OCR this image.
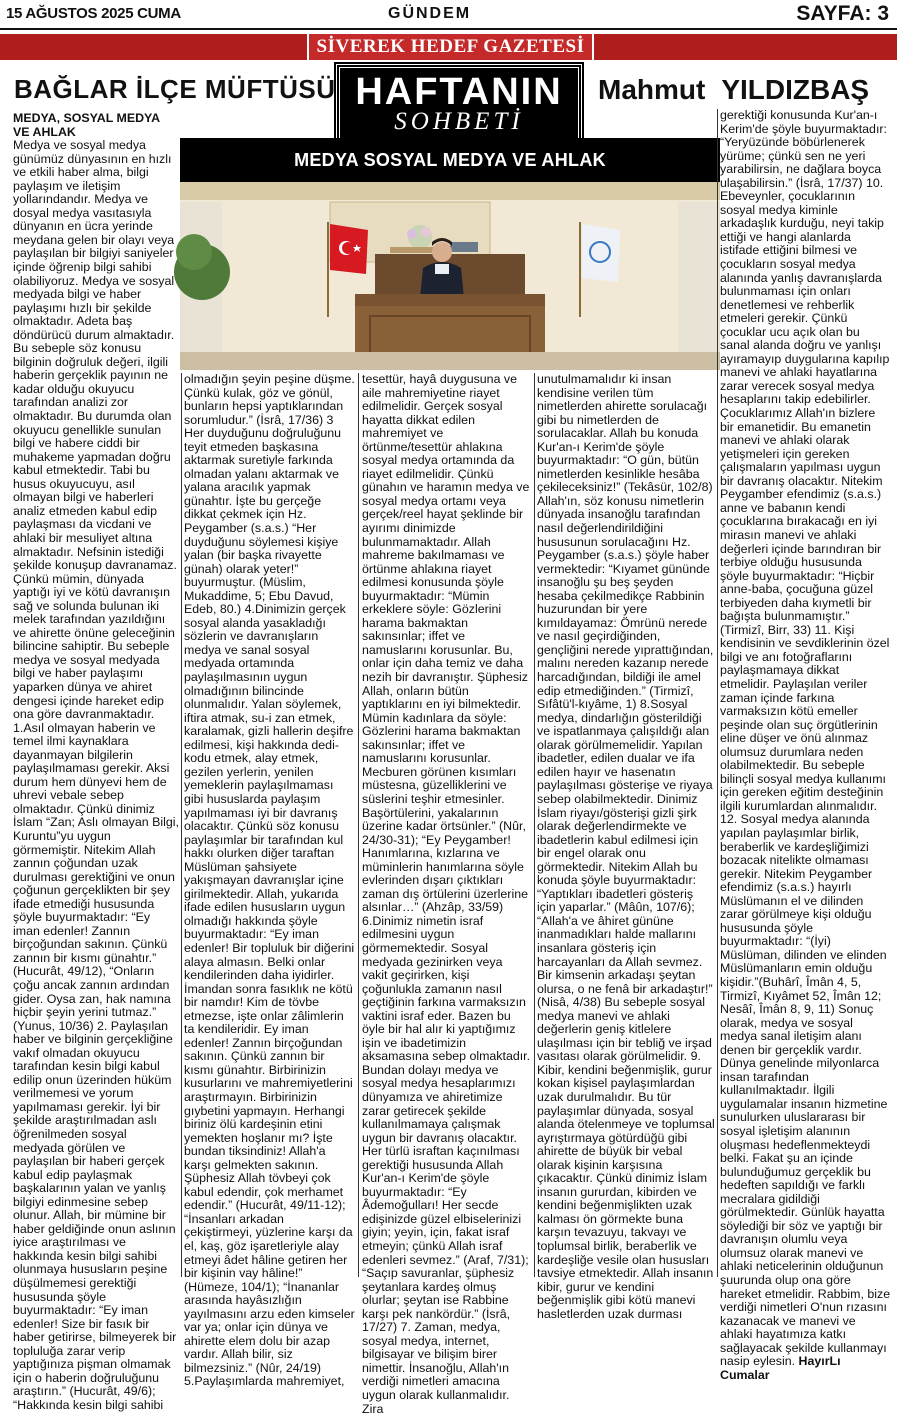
15 AĞUSTOS 2025 CUMA	GÜNDEM	SAYFA: 3
SİVEREK HEDEF GAZETESİ
BAĞLAR İLÇE MÜFTÜSÜ	Mahmut YILDIZBAŞ
HAFTANIN
SOHBETİ
MEDYA SOSYAL MEDYA VE AHLAK

MEDYA, SOSYAL MEDYA VE AHLAK

Medya ve sosyal medya günümüz dünyasının en hızlı ve etkili haber alma, bilgi paylaşım ve iletişim yollarındandır. Medya ve dosyal medya vasıtasıyla dünyanın en ücra yerinde meydana gelen bir olayı veya paylaşılan bir bilgiyi saniyeler içinde öğrenip bilgi sahibi olabiliyoruz. Medya ve sosyal medyada bilgi ve haber paylaşımı hızlı bir şekilde olmaktadır. Adeta baş döndürücü durum almaktadır. Bu sebeple söz konusu bilginin doğruluk değeri, ilgili haberin gerçeklik payının ne kadar olduğu okuyucu tarafından analizi zor olmaktadır. Bu durumda olan okuyucu genellikle sunulan bilgi ve habere ciddi bir muhakeme yapmadan doğru kabul etmektedir. Tabi bu husus okuyucuyu, asıl olmayan bilgi ve haberleri analiz etmeden kabul edip paylaşması da vicdani ve ahlaki bir mesuliyet altına almaktadır. Nefsinin istediği şekilde konuşup davranamaz. Çünkü mümin, dünyada yaptığı iyi ve kötü davranışın sağ ve solunda bulunan iki melek tarafından yazıldığını ve ahirette önüne geleceğinin bilincine sahiptir. Bu sebeple medya ve sosyal medyada bilgi ve haber paylaşımı yaparken dünya ve ahiret dengesi içinde hareket edip ona göre davranmaktadır. 1.Asıl olmayan haberin ve temel ilmi kaynaklara dayanmayan bilgilerin paylaşılmaması gerekir. Aksi durum hem dünyevi hem de uhrevi vebale sebep olmaktadır. Çünkü dinimiz İslam “Zan; Aslı olmayan Bilgi, Kuruntu”yu uygun görmemiştir. Nitekim Allah zannın çoğundan uzak durulması gerektiğini ve onun çoğunun gerçeklikten bir şey ifade etmediği hususunda şöyle buyurmaktadır: “Ey iman edenler! Zannın birçoğundan sakının. Çünkü zannın bir kısmı günahtır.” (Hucurât, 49/12), “Onların çoğu ancak zannın ardından gider. Oysa zan, hak namına hiçbir şeyin yerini tutmaz.” (Yunus, 10/36) 2. Paylaşılan haber ve bilginin gerçekliğine vakıf olmadan okuyucu tarafından kesin bilgi kabul edilip onun üzerinden hüküm verilmemesi ve yorum yapılmaması gerekir. İyi bir şekilde araştırılmadan aslı öğrenilmeden sosyal medyada görülen ve paylaşılan bir haberi gerçek kabul edip paylaşmak başkalarının yalan ve yanlış bilgiyi edinmesine sebep olunur. Allah, bir mümine bir haber geldiğinde onun aslının iyice araştırılması ve hakkında kesin bilgi sahibi olunmaya hususların peşine düşülmemesi gerektiği hususunda şöyle buyurmaktadır: “Ey iman edenler! Size bir fasık bir haber getirirse, bilmeyerek bir topluluğa zarar verip yaptığınıza pişman olmamak için o haberin doğruluğunu araştırın.” (Hucurât, 49/6); “Hakkında kesin bilgi sahibi

olmadığın şeyin peşine düşme. Çünkü kulak, göz ve gönül, bunların hepsi yaptıklarından sorumludur.” (İsrâ, 17/36) 3 Her duyduğunu doğruluğunu teyit etmeden başkasına aktarmak suretiyle farkında olmadan yalanı aktarmak ve yalana aracılık yapmak günahtır. İşte bu gerçeğe dikkat çekmek için Hz. Peygamber (s.a.s.) “Her duyduğunu söylemesi kişiye yalan (bir başka rivayette günah) olarak yeter!” buyurmuştur. (Müslim, Mukaddime, 5; Ebu Davud, Edeb, 80.) 4.Dinimizin gerçek sosyal alanda yasakladığı sözlerin ve davranışların medya ve sanal sosyal medyada ortamında paylaşılmasının uygun olmadığının bilincinde olunmalıdır. Yalan söylemek, iftira atmak, su-i zan etmek, karalamak, gizli hallerin deşifre edilmesi, kişi hakkında dedi-kodu etmek, alay etmek, gezilen yerlerin, yenilen yemeklerin paylaşılmaması gibi hususlarda paylaşım yapılmaması iyi bir davranış olacaktır. Çünkü söz konusu paylaşımlar bir tarafından kul hakkı olurken diğer taraftan Müslüman şahsiyete yakışmayan davranışlar içine girilmektedir. Allah, yukarıda ifade edilen hususların uygun olmadığı hakkında şöyle buyurmaktadır: “Ey iman edenler! Bir topluluk bir diğerini alaya almasın. Belki onlar kendilerinden daha iyidirler. İmandan sonra fasıklık ne kötü bir namdır! Kim de tövbe etmezse, işte onlar zâlimlerin ta kendileridir. Ey iman edenler! Zannın birçoğundan sakının. Çünkü zannın bir kısmı günahtır. Birbirinizin kusurlarını ve mahremiyetlerini araştırmayın. Birbirinizin gıybetini yapmayın. Herhangi biriniz ölü kardeşinin etini yemekten hoşlanır mı? İşte bundan tiksindiniz! Allah'a karşı gelmekten sakının. Şüphesiz Allah tövbeyi çok kabul edendir, çok merhamet edendir.” (Hucurât, 49/11-12); “İnsanları arkadan çekiştirmeyi, yüzlerine karşı da el, kaş, göz işaretleriyle alay etmeyi âdet hâline getiren her bir kişinin vay hâline!” (Hümeze, 104/1); “İnananlar arasında hayâsızlığın yayılmasını arzu eden kimseler var ya; onlar için dünya ve ahirette elem dolu bir azap vardır. Allah bilir, siz bilmezsiniz.” (Nûr, 24/19) 5.Paylaşımlarda mahremiyet,

tesettür, hayâ duygusuna ve aile mahremiyetine riayet edilmelidir. Gerçek sosyal hayatta dikkat edilen mahremiyet ve örtünme/tesettür ahlakına sosyal medya ortamında da riayet edilmelidir. Çünkü günahın ve haramın medya ve sosyal medya ortamı veya gerçek/reel hayat şeklinde bir ayırımı dinimizde bulunmamaktadır. Allah mahreme bakılmaması ve örtünme ahlakına riayet edilmesi konusunda şöyle buyurmaktadır: “Mümin erkeklere söyle: Gözlerini harama bakmaktan sakınsınlar; iffet ve namuslarını korusunlar. Bu, onlar için daha temiz ve daha nezih bir davranıştır. Şüphesiz Allah, onların bütün yaptıklarını en iyi bilmektedir. Mümin kadınlara da söyle: Gözlerini harama bakmaktan sakınsınlar; iffet ve namuslarını korusunlar. Mecburen görünen kısımları müstesna, güzelliklerini ve süslerini teşhir etmesinler. Başörtülerini, yakalarının üzerine kadar örtsünler.” (Nûr, 24/30-31); “Ey Peygamber! Hanımlarına, kızlarına ve müminlerin hanımlarına söyle evlerinden dışarı çıktıkları zaman dış örtülerini üzerlerine alsınlar…” (Ahzâp, 33/59) 6.Dinimiz nimetin israf edilmesini uygun görmemektedir. Sosyal medyada gezinirken veya vakit geçirirken, kişi çoğunlukla zamanın nasıl geçtiğinin farkına varmaksızın vaktini israf eder. Bazen bu öyle bir hal alır ki yaptığımız işin ve ibadetimizin aksamasına sebep olmaktadır. Bundan dolayı medya ve sosyal medya hesaplarımızı dünyamıza ve ahiretimize zarar getirecek şekilde kullanılmamaya çalışmak uygun bir davranış olacaktır. Her türlü israftan kaçınılması gerektiği hususunda Allah Kur'an-ı Kerim'de şöyle buyurmaktadır: “Ey Âdemoğulları! Her secde edişinizde güzel elbiselerinizi giyin; yeyin, için, fakat israf etmeyin; çünkü Allah israf edenleri sevmez.” (Araf, 7/31); “Saçıp savuranlar, şüphesiz şeytanlara kardeş olmuş olurlar; şeytan ise Rabbine karşı pek nankördür.” (İsrâ, 17/27) 7. Zaman, medya, sosyal medya, internet, bilgisayar ve bilişim birer nimettir. İnsanoğlu, Allah'ın verdiği nimetleri amacına uygun olarak kullanmalıdır. Zira

unutulmamalıdır ki insan kendisine verilen tüm nimetlerden ahirette sorulacağı gibi bu nimetlerden de sorulacaklar. Allah bu konuda Kur'an-ı Kerim'de şöyle buyurmaktadır: “O gün, bütün nimetlerden kesinlikle hesâba çekileceksiniz!” (Tekâsür, 102/8) Allah'ın, söz konusu nimetlerin dünyada insanoğlu tarafından nasıl değerlendirildiğini hususunun sorulacağını Hz. Peygamber (s.a.s.) şöyle haber vermektedir: “Kıyamet gününde insanoğlu şu beş şeyden hesaba çekilmedikçe Rabbinin huzurundan bir yere kımıldayamaz: Ömrünü nerede ve nasıl geçirdiğinden, gençliğini nerede yıprattığından, malını nereden kazanıp nerede harcadığından, bildiği ile amel edip etmediğinden.” (Tirmizî, Sıfâtü'l-kıyâme, 1) 8.Sosyal medya, dindarlığın gösterildiği ve ispatlanmaya çalışıldığı alan olarak görülmemelidir. Yapılan ibadetler, edilen dualar ve ifa edilen hayır ve hasenatın paylaşılması gösterişe ve riyaya sebep olabilmektedir. Dinimiz İslam riyayı/gösterişi gizli şirk olarak değerlendirmekte ve ibadetlerin kabul edilmesi için bir engel olarak onu görmektedir. Nitekim Allah bu konuda şöyle buyurmaktadır: “Yaptıkları ibadetleri gösteriş için yaparlar.” (Mâûn, 107/6); “Allah'a ve âhiret gününe inanmadıkları halde mallarını insanlara gösteriş için harcayanları da Allah sevmez. Bir kimsenin arkadaşı şeytan olursa, o ne fenâ bir arkadaştır!” (Nisâ, 4/38) Bu sebeple sosyal medya manevi ve ahlaki değerlerin geniş kitlelere ulaşılması için bir tebliğ ve irşad vasıtası olarak görülmelidir. 9. Kibir, kendini beğenmişlik, gurur kokan kişisel paylaşımlardan uzak durulmalıdır. Bu tür paylaşımlar dünyada, sosyal alanda ötelenmeye ve toplumsal ayrıştırmaya götürdüğü gibi ahirette de büyük bir vebal olarak kişinin karşısına çıkacaktır. Çünkü dinimiz İslam insanın gururdan, kibirden ve kendini beğenmişlikten uzak kalması ön görmekte buna karşın tevazuyu, takvayı ve toplumsal birlik, beraberlik ve kardeşliğe vesile olan hususları tavsiye etmektedir. Allah insanın kibir, gurur ve kendini beğenmişlik gibi kötü manevi hasletlerden uzak durması

gerektiği konusunda Kur'an-ı Kerim'de şöyle buyurmaktadır: “Yeryüzünde böbürlenerek yürüme; çünkü sen ne yeri yarabilirsin, ne dağlara boyca ulaşabilirsin.” (İsrâ, 17/37) 10. Ebeveynler, çocuklarının sosyal medya kiminle arkadaşlık kurduğu, neyi takip ettiği ve hangi alanlarda istifade ettiğini bilmesi ve çocukların sosyal medya alanında yanlış davranışlarda bulunmaması için onları denetlemesi ve rehberlik etmeleri gerekir. Çünkü çocuklar ucu açık olan bu sanal alanda doğru ve yanlışı ayıramayıp duygularına kapılıp manevi ve ahlaki hayatlarına zarar verecek sosyal medya hesaplarını takip edebilirler. Çocuklarımız Allah'ın bizlere bir emanetidir. Bu emanetin manevi ve ahlaki olarak yetişmeleri için gereken çalışmaların yapılması uygun bir davranış olacaktır. Nitekim Peygamber efendimiz (s.a.s.) anne ve babanın kendi çocuklarına bırakacağı en iyi mirasın manevi ve ahlaki değerleri içinde barındıran bir terbiye olduğu hususunda şöyle buyurmaktadır: “Hiçbir anne-baba, çocuğuna güzel terbiyeden daha kıymetli bir bağışta bulunmamıştır.” (Tirmizî, Birr, 33) 11. Kişi kendisinin ve sevdiklerinin özel bilgi ve anı fotoğraflarını paylaşmamaya dikkat etmelidir. Paylaşılan veriler zaman içinde farkına varmaksızın kötü emeller peşinde olan suç örgütlerinin eline düşer ve önü alınmaz olumsuz durumlara neden olabilmektedir. Bu sebeple bilinçli sosyal medya kullanımı için gereken eğitim desteğinin ilgili kurumlardan alınmalıdır. 12. Sosyal medya alanında yapılan paylaşımlar birlik, beraberlik ve kardeşliğimizi bozacak nitelikte olmaması gerekir. Nitekim Peygamber efendimiz (s.a.s.) hayırlı Müslümanın el ve dilinden zarar görülmeye kişi olduğu hususunda şöyle buyurmaktadır: “(İyi) Müslüman, dilinden ve elinden Müslümanların emin olduğu kişidir.”(Buhârî, Îmân 4, 5, Tirmizî, Kıyâmet 52, Îmân 12; Nesâî, Îmân 8, 9, 11) Sonuç olarak, medya ve sosyal medya sanal iletişim alanı denen bir gerçeklik vardır. Dünya genelinde milyonlarca insan tarafından kullanılmaktadır. İlgili uygulamalar insanın hizmetine sunulurken uluslararası bir sosyal işletişim alanının oluşması hedeflenmekteydi belki. Fakat şu an içinde bulunduğumuz gerçeklik bu hedeften sapıldığı ve farklı mecralara gidildiği görülmektedir. Günlük hayatta söylediği bir söz ve yaptığı bir davranışın olumlu veya olumsuz olarak manevi ve ahlaki neticelerinin olduğunun şuurunda olup ona göre hareket etmelidir. Rabbim, bize verdiği nimetleri O'nun rızasını kazanacak ve manevi ve ahlaki hayatımıza katkı sağlayacak şekilde kullanmayı nasip eylesin. HayırLı Cumalar
